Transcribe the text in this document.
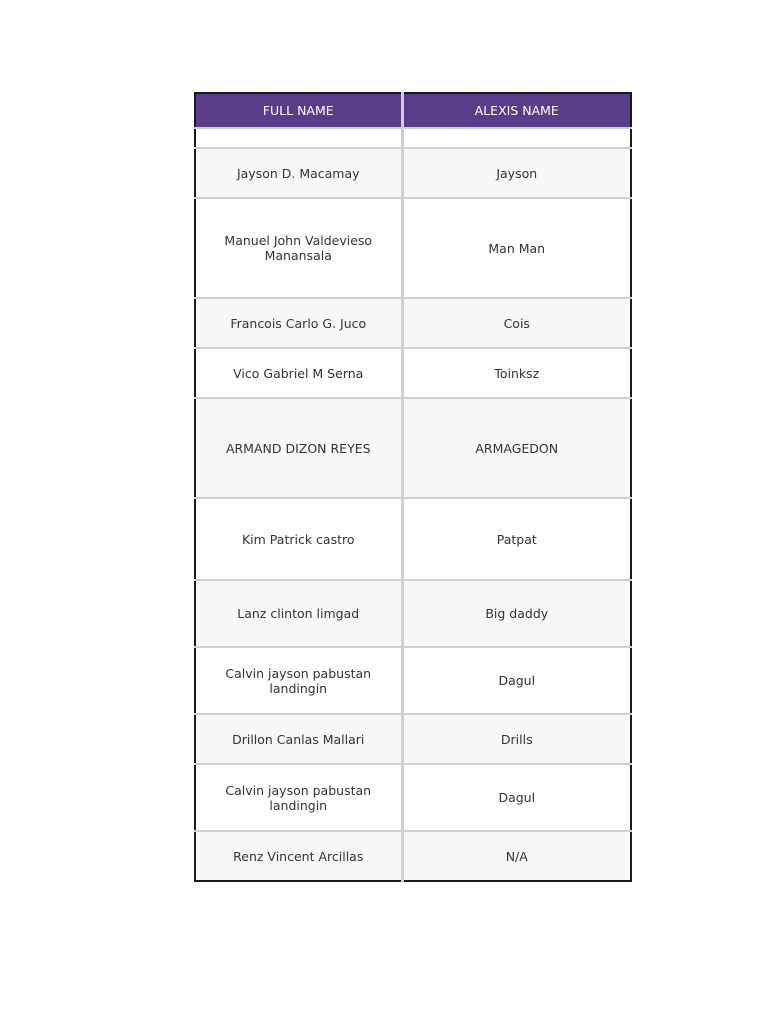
FULL NAME	ALEXIS NAME

Jayson D. Macamay	Jayson
Manuel John Valdevieso Manansala	Man Man
Francois Carlo G. Juco	Cois
Vico Gabriel M Serna	Toinksz
ARMAND DIZON REYES	ARMAGEDON
Kim Patrick castro	Patpat
Lanz clinton limgad	Big daddy
Calvin jayson pabustan landingin	Dagul
Drillon Canlas Mallari	Drills
Calvin jayson pabustan landingin	Dagul
Renz Vincent Arcillas	N/A
